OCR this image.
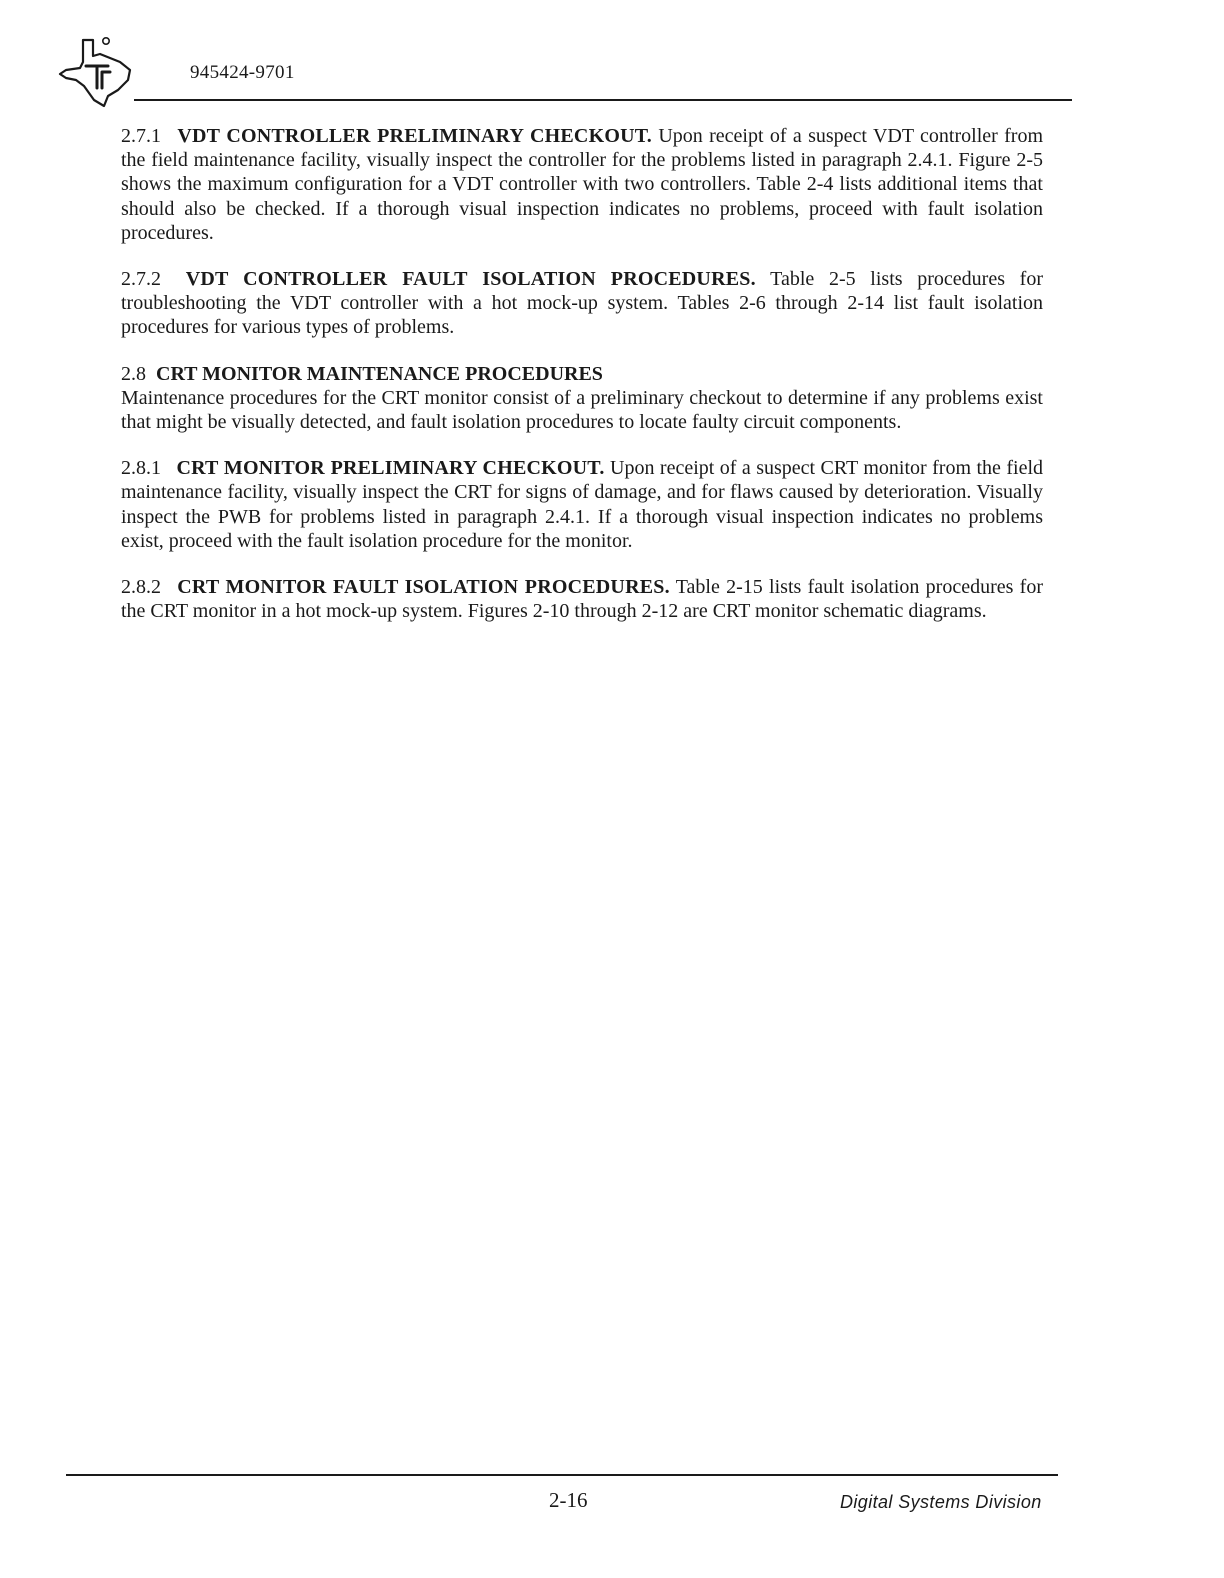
945424-9701

2.7.1 VDT CONTROLLER PRELIMINARY CHECKOUT. Upon receipt of a suspect VDT controller from the field maintenance facility, visually inspect the controller for the problems listed in paragraph 2.4.1. Figure 2-5 shows the maximum configuration for a VDT controller with two controllers. Table 2-4 lists additional items that should also be checked. If a thorough visual inspection indicates no problems, proceed with fault isolation procedures.

2.7.2 VDT CONTROLLER FAULT ISOLATION PROCEDURES. Table 2-5 lists procedures for troubleshooting the VDT controller with a hot mock-up system. Tables 2-6 through 2-14 list fault isolation procedures for various types of problems.

2.8 CRT MONITOR MAINTENANCE PROCEDURES

Maintenance procedures for the CRT monitor consist of a preliminary checkout to determine if any problems exist that might be visually detected, and fault isolation procedures to locate faulty circuit components.

2.8.1 CRT MONITOR PRELIMINARY CHECKOUT. Upon receipt of a suspect CRT monitor from the field maintenance facility, visually inspect the CRT for signs of damage, and for flaws caused by deterioration. Visually inspect the PWB for problems listed in paragraph 2.4.1. If a thorough visual inspection indicates no problems exist, proceed with the fault isolation procedure for the monitor.

2.8.2 CRT MONITOR FAULT ISOLATION PROCEDURES. Table 2-15 lists fault isolation procedures for the CRT monitor in a hot mock-up system. Figures 2-10 through 2-12 are CRT monitor schematic diagrams.

2-16	Digital Systems Division
